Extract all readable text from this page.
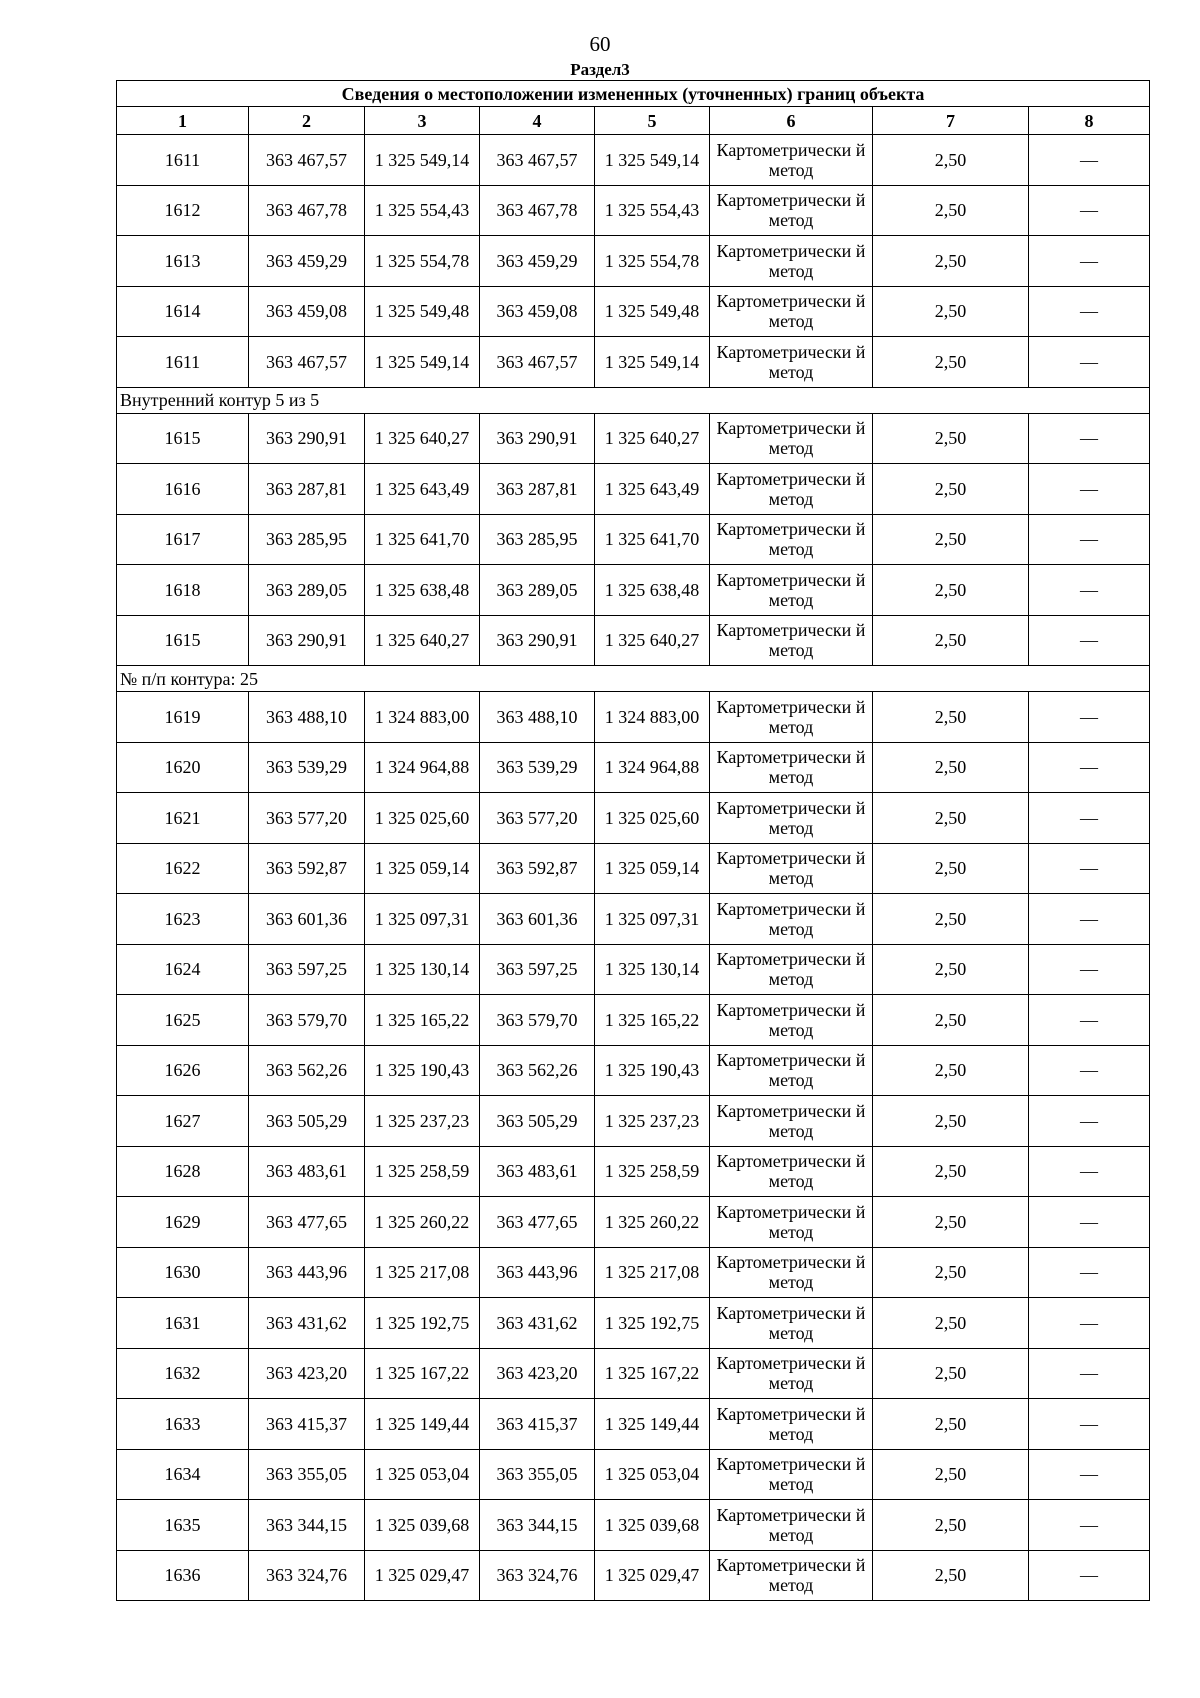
60
Раздел3
Сведения о местоположении измененных (уточненных) границ объекта							
1	2	3	4	5	6	7	8
1611	363 467,57	1 325 549,14	363 467,57	1 325 549,14	Картометрически й метод	2,50	—
1612	363 467,78	1 325 554,43	363 467,78	1 325 554,43	Картометрически й метод	2,50	—
1613	363 459,29	1 325 554,78	363 459,29	1 325 554,78	Картометрически й метод	2,50	—
1614	363 459,08	1 325 549,48	363 459,08	1 325 549,48	Картометрически й метод	2,50	—
1611	363 467,57	1 325 549,14	363 467,57	1 325 549,14	Картометрически й метод	2,50	—
Внутренний контур 5 из 5							
1615	363 290,91	1 325 640,27	363 290,91	1 325 640,27	Картометрически й метод	2,50	—
1616	363 287,81	1 325 643,49	363 287,81	1 325 643,49	Картометрически й метод	2,50	—
1617	363 285,95	1 325 641,70	363 285,95	1 325 641,70	Картометрически й метод	2,50	—
1618	363 289,05	1 325 638,48	363 289,05	1 325 638,48	Картометрически й метод	2,50	—
1615	363 290,91	1 325 640,27	363 290,91	1 325 640,27	Картометрически й метод	2,50	—
№ п/п контура: 25							
1619	363 488,10	1 324 883,00	363 488,10	1 324 883,00	Картометрически й метод	2,50	—
1620	363 539,29	1 324 964,88	363 539,29	1 324 964,88	Картометрически й метод	2,50	—
1621	363 577,20	1 325 025,60	363 577,20	1 325 025,60	Картометрически й метод	2,50	—
1622	363 592,87	1 325 059,14	363 592,87	1 325 059,14	Картометрически й метод	2,50	—
1623	363 601,36	1 325 097,31	363 601,36	1 325 097,31	Картометрически й метод	2,50	—
1624	363 597,25	1 325 130,14	363 597,25	1 325 130,14	Картометрически й метод	2,50	—
1625	363 579,70	1 325 165,22	363 579,70	1 325 165,22	Картометрически й метод	2,50	—
1626	363 562,26	1 325 190,43	363 562,26	1 325 190,43	Картометрически й метод	2,50	—
1627	363 505,29	1 325 237,23	363 505,29	1 325 237,23	Картометрически й метод	2,50	—
1628	363 483,61	1 325 258,59	363 483,61	1 325 258,59	Картометрически й метод	2,50	—
1629	363 477,65	1 325 260,22	363 477,65	1 325 260,22	Картометрически й метод	2,50	—
1630	363 443,96	1 325 217,08	363 443,96	1 325 217,08	Картометрически й метод	2,50	—
1631	363 431,62	1 325 192,75	363 431,62	1 325 192,75	Картометрически й метод	2,50	—
1632	363 423,20	1 325 167,22	363 423,20	1 325 167,22	Картометрически й метод	2,50	—
1633	363 415,37	1 325 149,44	363 415,37	1 325 149,44	Картометрически й метод	2,50	—
1634	363 355,05	1 325 053,04	363 355,05	1 325 053,04	Картометрически й метод	2,50	—
1635	363 344,15	1 325 039,68	363 344,15	1 325 039,68	Картометрически й метод	2,50	—
1636	363 324,76	1 325 029,47	363 324,76	1 325 029,47	Картометрически й метод	2,50	—
